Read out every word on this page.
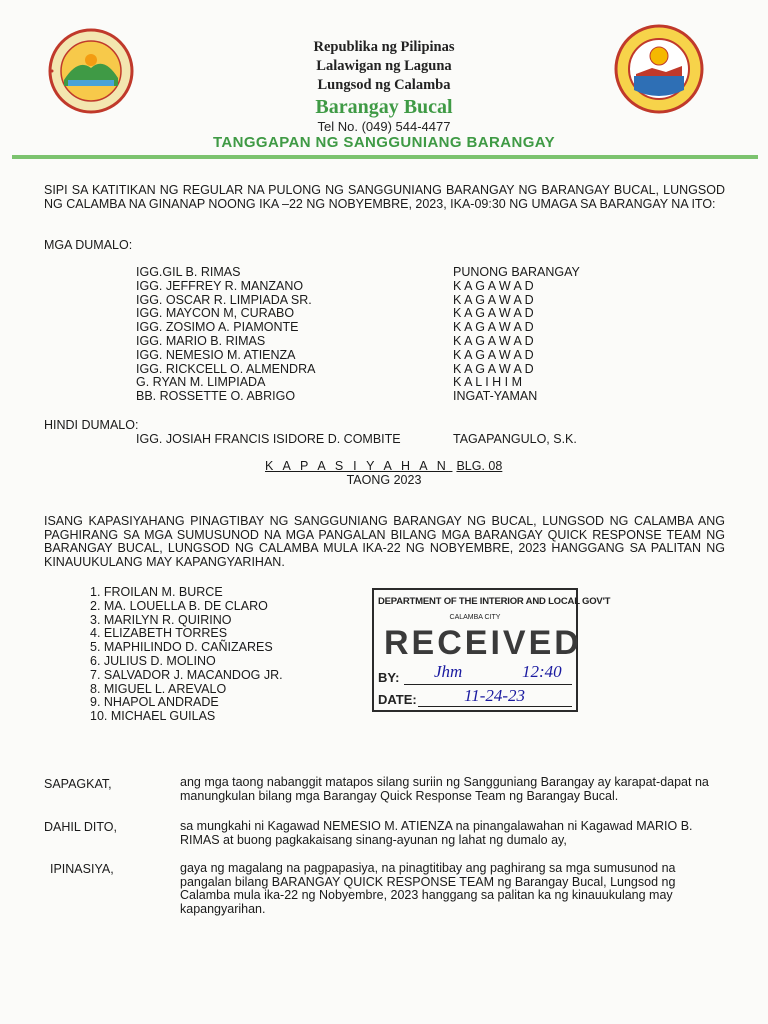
Republika ng Pilipinas
Lalawigan ng Laguna
Lungsod ng Calamba
Barangay Bucal
Tel No. (049) 544-4477
TANGGAPAN NG SANGGUNIANG BARANGAY
SIPI SA KATITIKAN NG REGULAR NA PULONG NG SANGGUNIANG BARANGAY NG BARANGAY BUCAL, LUNGSOD NG CALAMBA NA GINANAP NOONG IKA –22 NG NOBYEMBRE, 2023, IKA-09:30 NG UMAGA SA BARANGAY NA ITO:
MGA DUMALO:
IGG.GIL B. RIMAS	PUNONG BARANGAY
IGG. JEFFREY R. MANZANO	K A G A W A D
IGG. OSCAR R. LIMPIADA SR.	K A G A W A D
IGG. MAYCON M, CURABO	K A G A W A D
IGG. ZOSIMO A. PIAMONTE	K A G A W A D
IGG. MARIO B. RIMAS	K A G A W A D
IGG. NEMESIO M. ATIENZA	K A G A W A D
IGG. RICKCELL O. ALMENDRA	K A G A W A D
G. RYAN M. LIMPIADA	K A L I H I M
BB. ROSSETTE O. ABRIGO	INGAT-YAMAN
HINDI DUMALO:
IGG. JOSIAH FRANCIS ISIDORE D. COMBITE	TAGAPANGULO, S.K.
K A P A S I Y A H A N BLG. 08
TAONG 2023
ISANG KAPASIYAHANG PINAGTIBAY NG SANGGUNIANG BARANGAY NG BUCAL, LUNGSOD NG CALAMBA ANG PAGHIRANG SA MGA SUMUSUNOD NA MGA PANGALAN BILANG MGA BARANGAY QUICK RESPONSE TEAM NG BARANGAY BUCAL, LUNGSOD NG CALAMBA MULA IKA-22 NG NOBYEMBRE, 2023 HANGGANG SA PALITAN NG KINAUUKULANG MAY KAPANGYARIHAN.
1. FROILAN M. BURCE
2. MA. LOUELLA B. DE CLARO
3. MARILYN R. QUIRINO
4. ELIZABETH TORRES
5. MAPHILINDO D. CAÑIZARES
6. JULIUS D. MOLINO
7. SALVADOR J. MACANDOG JR.
8. MIGUEL L. AREVALO
9. NHAPOL ANDRADE
10. MICHAEL GUILAS
DEPARTMENT OF THE INTERIOR AND LOCAL GOV'T
CALAMBA CITY
RECEIVED
BY:
DATE:
Jhm	12:40
11-24-23
SAPAGKAT,	ang mga taong nabanggit matapos silang suriin ng Sangguniang Barangay ay karapat-dapat na manungkulan bilang mga Barangay Quick Response Team ng Barangay Bucal.
DAHIL DITO,	sa mungkahi ni Kagawad NEMESIO M. ATIENZA na pinangalawahan ni Kagawad MARIO B. RIMAS at buong pagkakaisang sinang-ayunan ng lahat ng dumalo ay,
IPINASIYA,	gaya ng magalang na pagpapasiya, na pinagtitibay ang paghirang sa mga sumusunod na pangalan bilang BARANGAY QUICK RESPONSE TEAM ng Barangay Bucal, Lungsod ng Calamba mula ika-22 ng Nobyembre, 2023 hanggang sa palitan ka ng kinauukulang may kapangyarihan.
